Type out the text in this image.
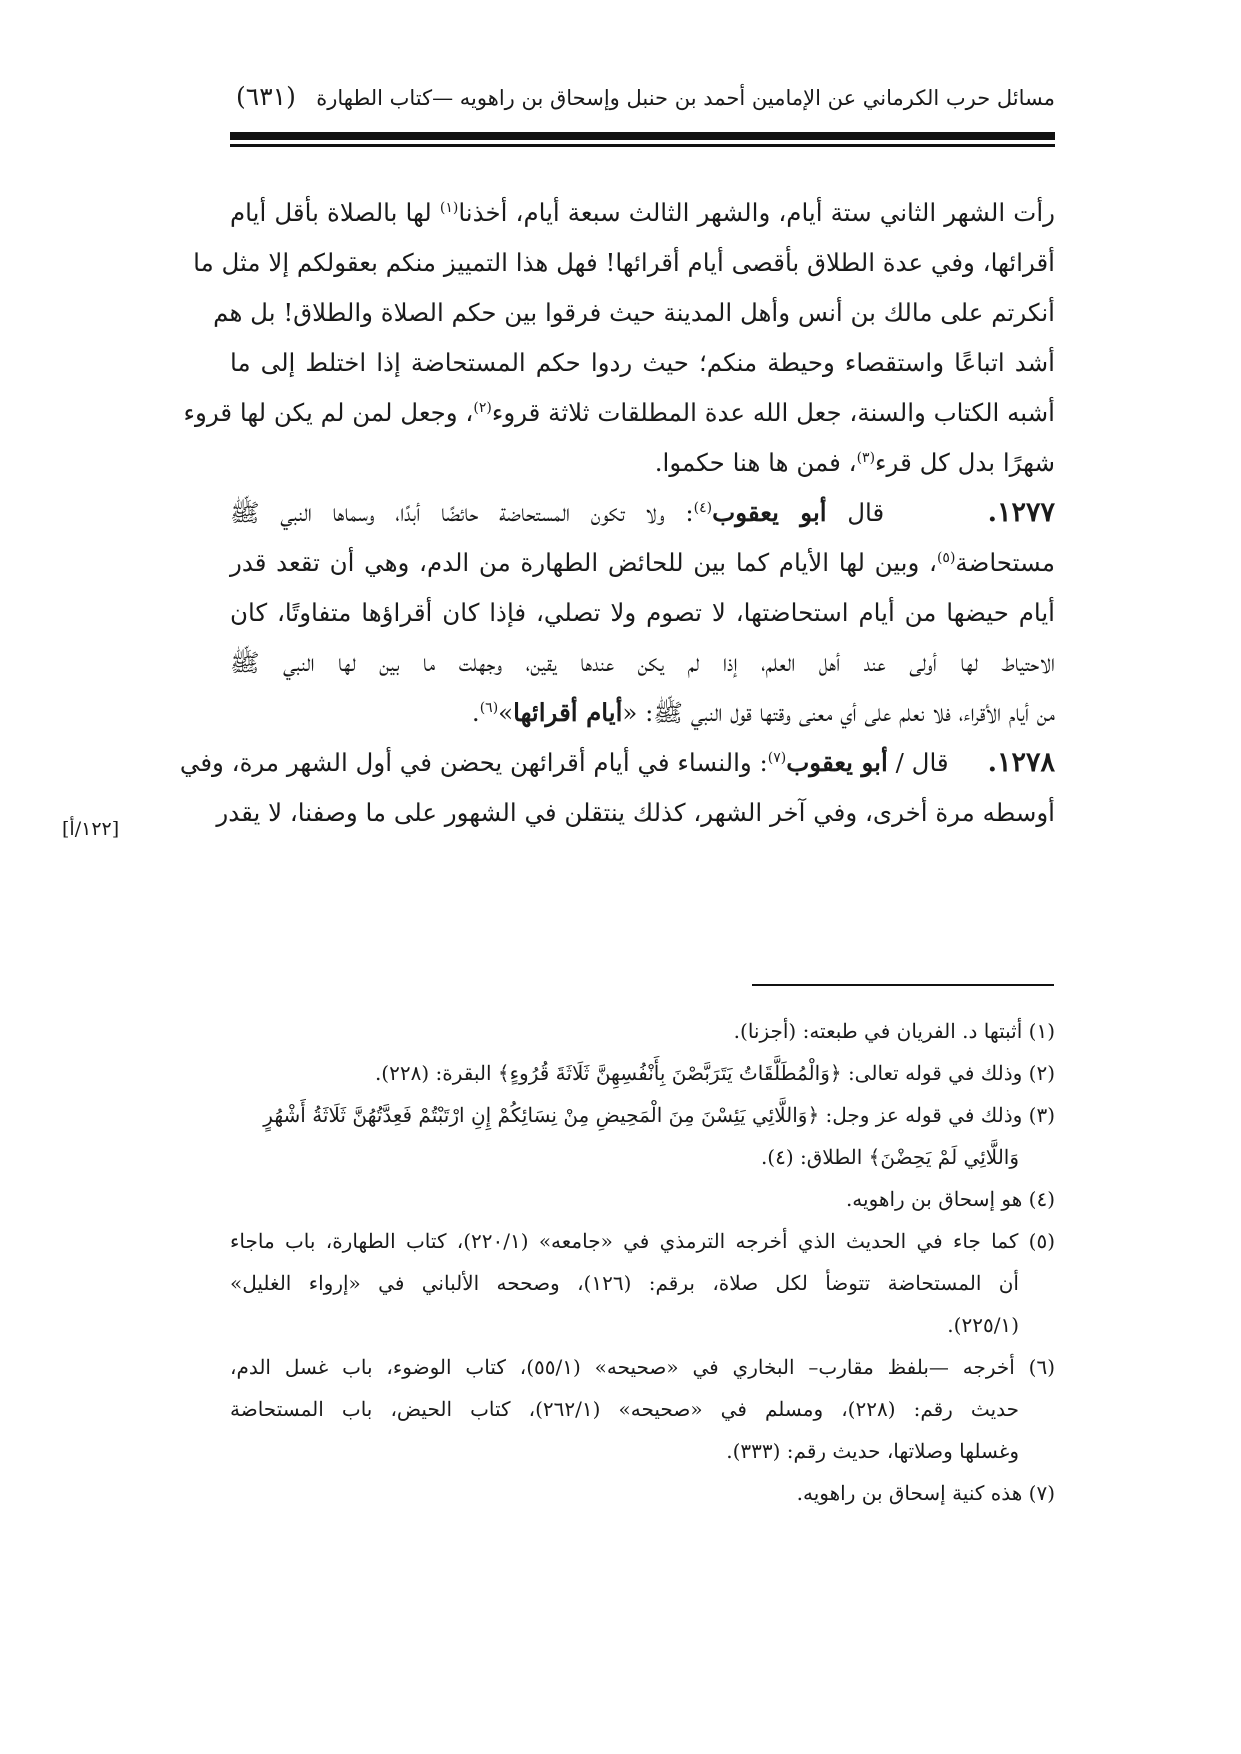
مسائل حرب الكرماني عن الإمامين أحمد بن حنبل وإسحاق بن راهويه —كتاب الطهارة
(٦٣١)
رأت الشهر الثاني ستة أيام، والشهر الثالث سبعة أيام، أخذنا$^{(١)}$ لها بالصلاة بأقل أيام
أقرائها، وفي عدة الطلاق بأقصى أيام أقرائها! فهل هذا التمييز منكم بعقولكم إلا مثل ما
أنكرتم على مالك بن أنس وأهل المدينة حيث فرقوا بين حكم الصلاة والطلاق! بل هم
أشد اتباعًا واستقصاء وحيطة منكم؛ حيث ردوا حكم المستحاضة إذا اختلط إلى ما
أشبه الكتاب والسنة، جعل الله عدة المطلقات ثلاثة قروء$^{(٢)}$، وجعل لمن لم يكن لها قروء
شهرًا بدل كل قرء$^{(٣)}$، فمن ها هنا حكموا.
١٢٧٧.     قال أبو يعقوب$^{(٤)}$: ولا تكون المستحاضة حائضًا أبدًا، وسماها النبي ﷺ
مستحاضة$^{(٥)}$، وبين لها الأيام كما بين للحائض الطهارة من الدم، وهي أن تقعد قدر
أيام حيضها من أيام استحاضتها، لا تصوم ولا تصلي، فإذا كان أقراؤها متفاوتًا، كان
الاحتياط لها أولى عند أهل العلم، إذا لم يكن عندها يقين، وجهلت ما بين لها النبي ﷺ
من أيام الأقراء، فلا نعلم على أي معنى وقتها قول النبي ﷺ: «أيام أقرائها»$^{(٦)}$.
١٢٧٨.     قال / أبو يعقوب$^{(٧)}$: والنساء في أيام أقرائهن يحضن في أول الشهر مرة، وفي
أوسطه مرة أخرى، وفي آخر الشهر، كذلك ينتقلن في الشهور على ما وصفنا، لا يقدر
[١٢٢/أ]
(١) أثبتها د. الفريان في طبعته: (أجزنا).
(٢) وذلك في قوله تعالى: ﴿وَالْمُطَلَّقَاتُ يَتَرَبَّصْنَ بِأَنْفُسِهِنَّ ثَلَاثَةَ قُرُوءٍ﴾ البقرة: (٢٢٨).
(٣) وذلك في قوله عز وجل: ﴿وَاللَّائِي يَئِسْنَ مِنَ الْمَحِيضِ مِنْ نِسَائِكُمْ إِنِ ارْتَبْتُمْ فَعِدَّتُهُنَّ ثَلَاثَةُ أَشْهُرٍ
وَاللَّائِي لَمْ يَحِضْنَ﴾ الطلاق: (٤).
(٤) هو إسحاق بن راهويه.
(٥) كما جاء في الحديث الذي أخرجه الترمذي في «جامعه» (٢٢٠/١)، كتاب الطهارة، باب ماجاء
أن المستحاضة تتوضأ لكل صلاة، برقم: (١٢٦)، وصححه الألباني في «إرواء الغليل»
(٢٢٥/١).
(٦) أخرجه —بلفظ مقارب– البخاري في «صحيحه» (٥٥/١)، كتاب الوضوء، باب غسل الدم،
حديث رقم: (٢٢٨)، ومسلم في «صحيحه» (٢٦٢/١)، كتاب الحيض، باب المستحاضة
وغسلها وصلاتها، حديث رقم: (٣٣٣).
(٧) هذه كنية إسحاق بن راهويه.
